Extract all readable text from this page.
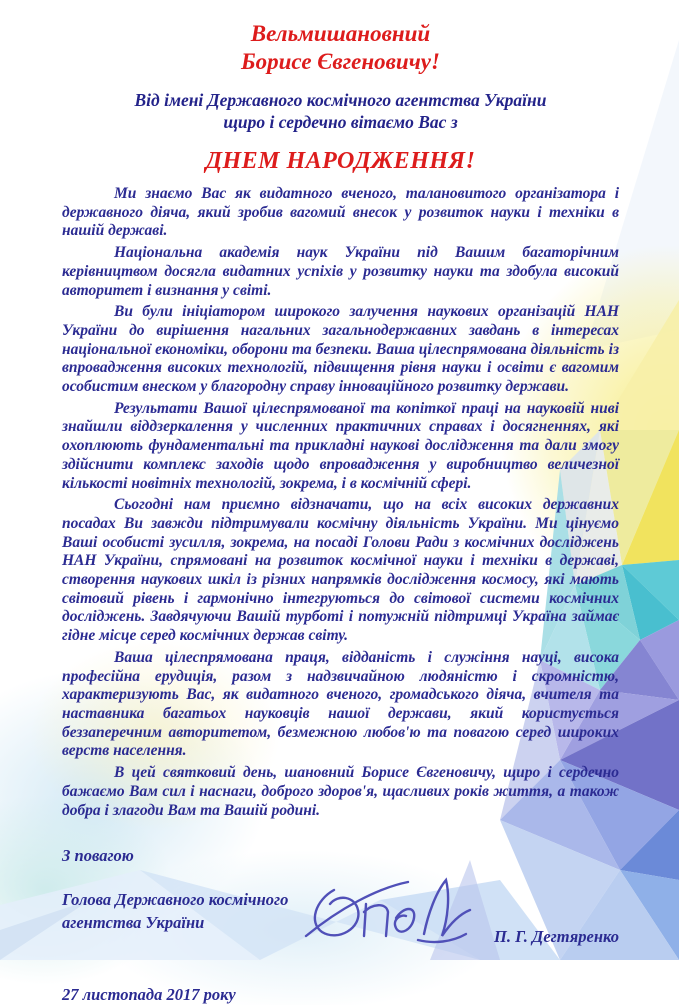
Вельмишановний
Борисе Євгеновичу!

Від імені Державного космічного агентства України
щиро і сердечно вітаємо Вас з

ДНЕМ НАРОДЖЕННЯ!

Ми знаємо Вас як видатного вченого, талановитого організатора і державного діяча, який зробив вагомий внесок у розвиток науки і техніки в нашій державі.

Національна академія наук України під Вашим багаторічним керівництвом досягла видатних успіхів у розвитку науки та здобула високий авторитет і визнання у світі.

Ви були ініціатором широкого залучення наукових організацій НАН України до вирішення нагальних загальнодержавних завдань в інтересах національної економіки, оборони та безпеки. Ваша цілеспрямована діяльність із впровадження високих технологій, підвищення рівня науки і освіти є вагомим особистим внеском у благородну справу інноваційного розвитку держави.

Результати Вашої цілеспрямованої та копіткої праці на науковій ниві знайшли віддзеркалення у численних практичних справах і досягненнях, які охоплюють фундаментальні та прикладні наукові дослідження та дали змогу здійснити комплекс заходів щодо впровадження у виробництво величезної кількості новітніх технологій, зокрема, і в космічній сфері.

Сьогодні нам приємно відзначати, що на всіх високих державних посадах Ви завжди підтримували космічну діяльність України. Ми цінуємо Ваші особисті зусилля, зокрема, на посаді Голови Ради з космічних досліджень НАН України, спрямовані на розвиток космічної науки і техніки в державі, створення наукових шкіл із різних напрямків дослідження космосу, які мають світовий рівень і гармонічно інтегруються до світової системи космічних досліджень. Завдячуючи Вашій турботі і потужній підтримці Україна займає гідне місце серед космічних держав світу.

Ваша цілеспрямована праця, відданість і служіння науці, висока професійна ерудиція, разом з надзвичайною людяністю і скромністю, характеризують Вас, як видатного вченого, громадського діяча, вчителя та наставника багатьох науковців нашої держави, який користується беззаперечним авторитетом, безмежною любов'ю та повагою серед широких верств населення.

В цей святковий день, шановний Борисе Євгеновичу, щиро і сердечно бажаємо Вам сил і наснаги, доброго здоров'я, щасливих років життя, а також добра і злагоди Вам та Вашій родині.

З повагою

Голова Державного космічного
агентства України

П. Г. Дегтяренко

27 листопада 2017 року
